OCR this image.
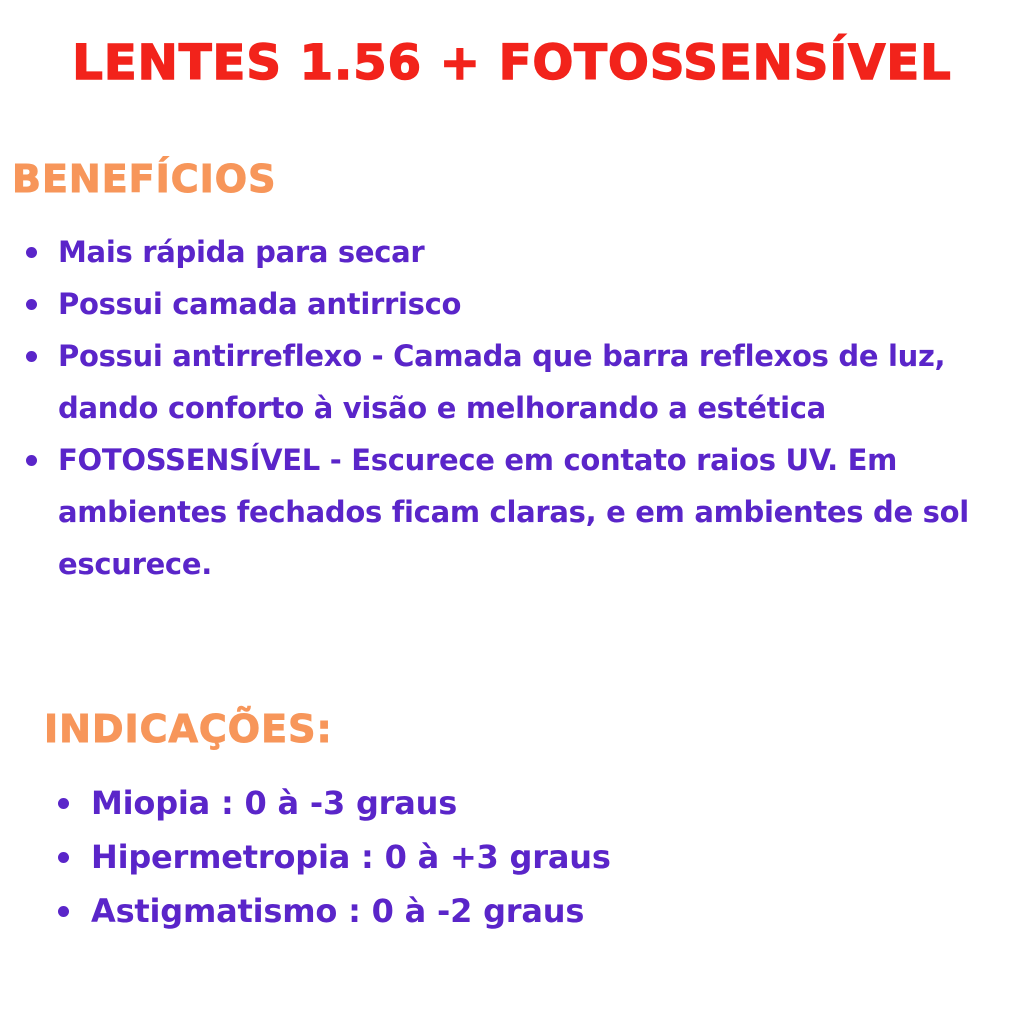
LENTES 1.56 + FOTOSSENSÍVEL
BENEFÍCIOS
Mais rápida para secar
Possui camada antirrisco
Possui antirreflexo - Camada que barra reflexos de luz, dando conforto à visão e melhorando a estética
FOTOSSENSÍVEL - Escurece em contato raios UV. Em ambientes fechados ficam claras, e em ambientes de sol escurece.
INDICAÇÕES:
Miopia : 0 à -3 graus
Hipermetropia : 0 à +3 graus
Astigmatismo : 0 à -2 graus
